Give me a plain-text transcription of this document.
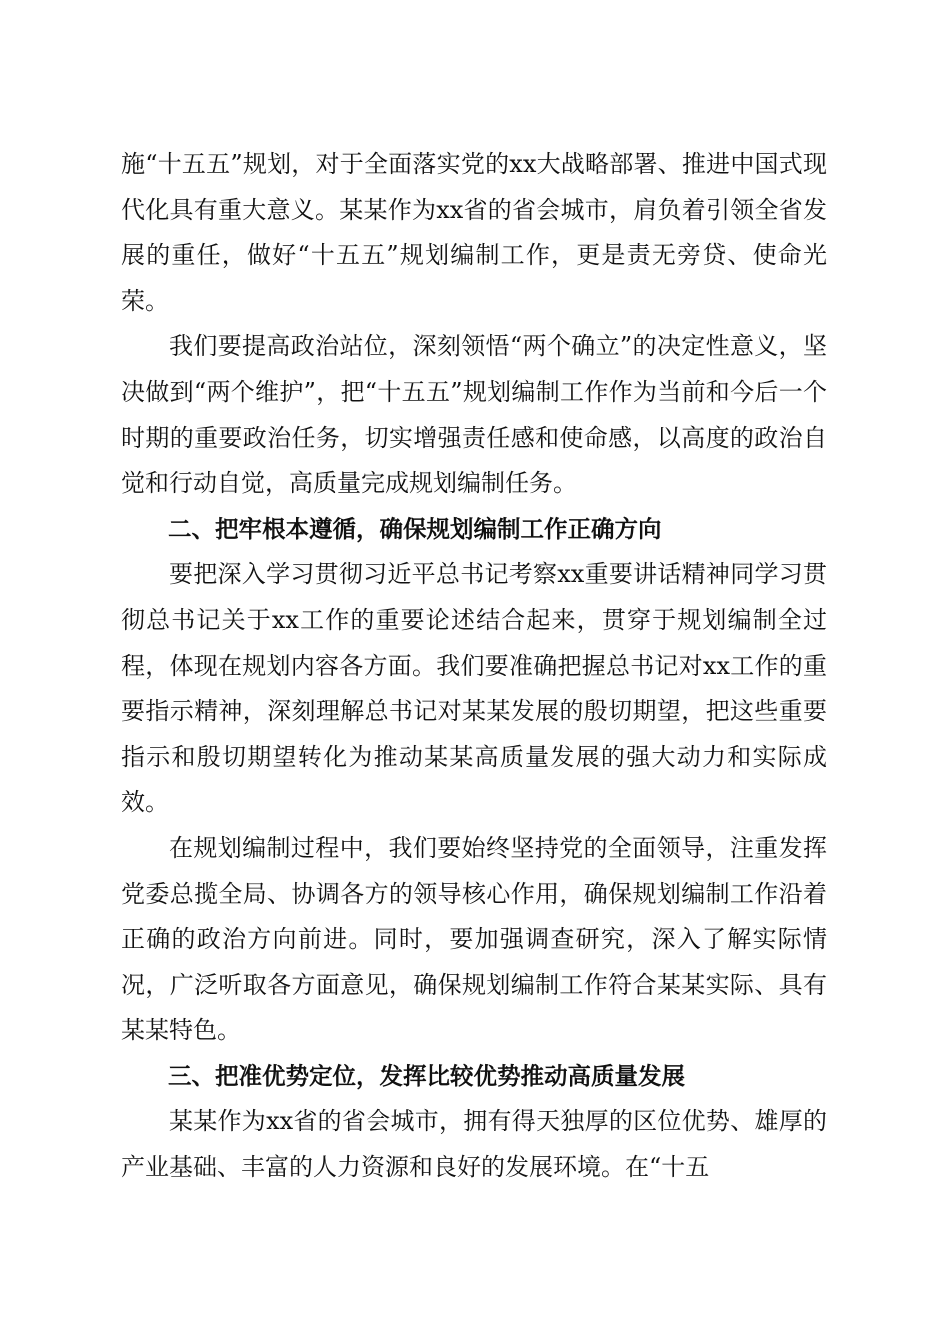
施“十五五”规划，对于全面落实党的xx大战略部署、推进中国式现代化具有重大意义。某某作为xx省的省会城市，肩负着引领全省发展的重任，做好“十五五”规划编制工作，更是责无旁贷、使命光荣。

我们要提高政治站位，深刻领悟“两个确立”的决定性意义，坚决做到“两个维护”，把“十五五”规划编制工作作为当前和今后一个时期的重要政治任务，切实增强责任感和使命感，以高度的政治自觉和行动自觉，高质量完成规划编制任务。

二、把牢根本遵循，确保规划编制工作正确方向

要把深入学习贯彻习近平总书记考察xx重要讲话精神同学习贯彻总书记关于xx工作的重要论述结合起来，贯穿于规划编制全过程，体现在规划内容各方面。我们要准确把握总书记对xx工作的重要指示精神，深刻理解总书记对某某发展的殷切期望，把这些重要指示和殷切期望转化为推动某某高质量发展的强大动力和实际成效。

在规划编制过程中，我们要始终坚持党的全面领导，注重发挥党委总揽全局、协调各方的领导核心作用，确保规划编制工作沿着正确的政治方向前进。同时，要加强调查研究，深入了解实际情况，广泛听取各方面意见，确保规划编制工作符合某某实际、具有某某特色。

三、把准优势定位，发挥比较优势推动高质量发展

某某作为xx省的省会城市，拥有得天独厚的区位优势、雄厚的产业基础、丰富的人力资源和良好的发展环境。在“十五
